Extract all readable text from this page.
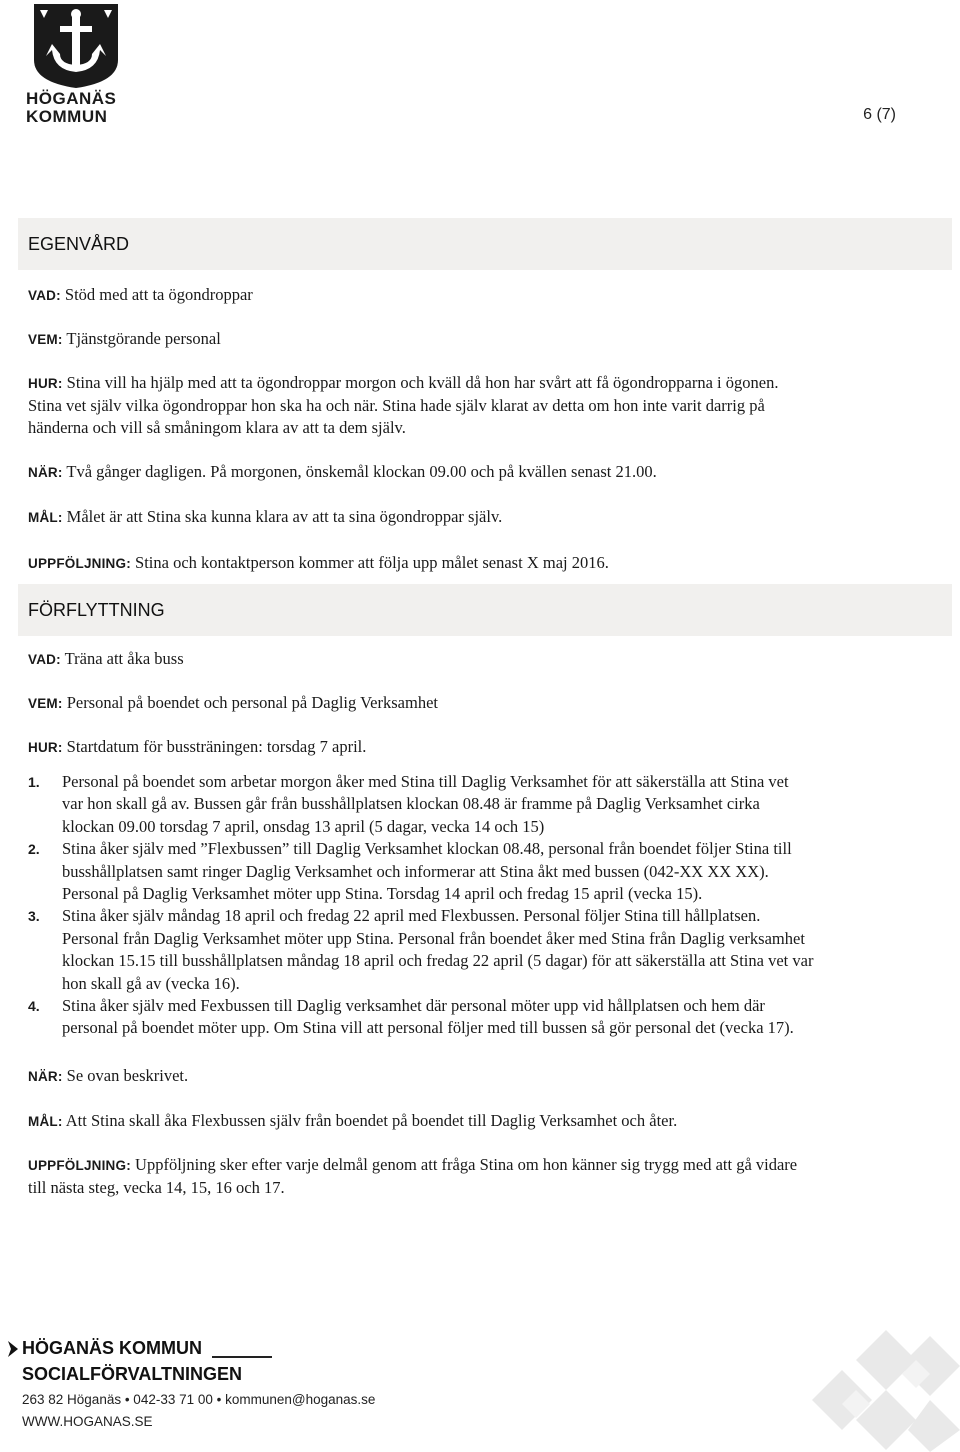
HÖGANÄS
KOMMUN	6 (7)
EGENVÅRD
VAD: Stöd med att ta ögondroppar
VEM: Tjänstgörande personal
HUR: Stina vill ha hjälp med att ta ögondroppar morgon och kväll då hon har svårt att få ögondropparna i ögonen.
Stina vet själv vilka ögondroppar hon ska ha och när. Stina hade själv klarat av detta om hon inte varit darrig på
händerna och vill så småningom klara av att ta dem själv.
NÄR: Två gånger dagligen. På morgonen, önskemål klockan 09.00 och på kvällen senast 21.00.
MÅL: Målet är att Stina ska kunna klara av att ta sina ögondroppar själv.
UPPFÖLJNING: Stina och kontaktperson kommer att följa upp målet senast X maj 2016.
FÖRFLYTTNING
VAD: Träna att åka buss
VEM: Personal på boendet och personal på Daglig Verksamhet
HUR: Startdatum för bussträningen: torsdag 7 april.
1. Personal på boendet som arbetar morgon åker med Stina till Daglig Verksamhet för att säkerställa att Stina vet
var hon skall gå av. Bussen går från busshållplatsen klockan 08.48 är framme på Daglig Verksamhet cirka
klockan 09.00 torsdag 7 april, onsdag 13 april (5 dagar, vecka 14 och 15)
2. Stina åker själv med ”Flexbussen” till Daglig Verksamhet klockan 08.48, personal från boendet följer Stina till
busshållplatsen samt ringer Daglig Verksamhet och informerar att Stina åkt med bussen (042-XX XX XX).
Personal på Daglig Verksamhet möter upp Stina. Torsdag 14 april och fredag 15 april (vecka 15).
3. Stina åker själv måndag 18 april och fredag 22 april med Flexbussen. Personal följer Stina till hållplatsen.
Personal från Daglig Verksamhet möter upp Stina. Personal från boendet åker med Stina från Daglig verksamhet
klockan 15.15 till busshållplatsen måndag 18 april och fredag 22 april (5 dagar) för att säkerställa att Stina vet var
hon skall gå av (vecka 16).
4. Stina åker själv med Fexbussen till Daglig verksamhet där personal möter upp vid hållplatsen och hem där
personal på boendet möter upp. Om Stina vill att personal följer med till bussen så gör personal det (vecka 17).
NÄR: Se ovan beskrivet.
MÅL: Att Stina skall åka Flexbussen själv från boendet på boendet till Daglig Verksamhet och åter.
UPPFÖLJNING: Uppföljning sker efter varje delmål genom att fråga Stina om hon känner sig trygg med att gå vidare
till nästa steg, vecka 14, 15, 16 och 17.
HÖGANÄS KOMMUN
SOCIALFÖRVALTNINGEN
263 82 Höganäs • 042-33 71 00 • kommunen@hoganas.se
WWW.HOGANAS.SE
